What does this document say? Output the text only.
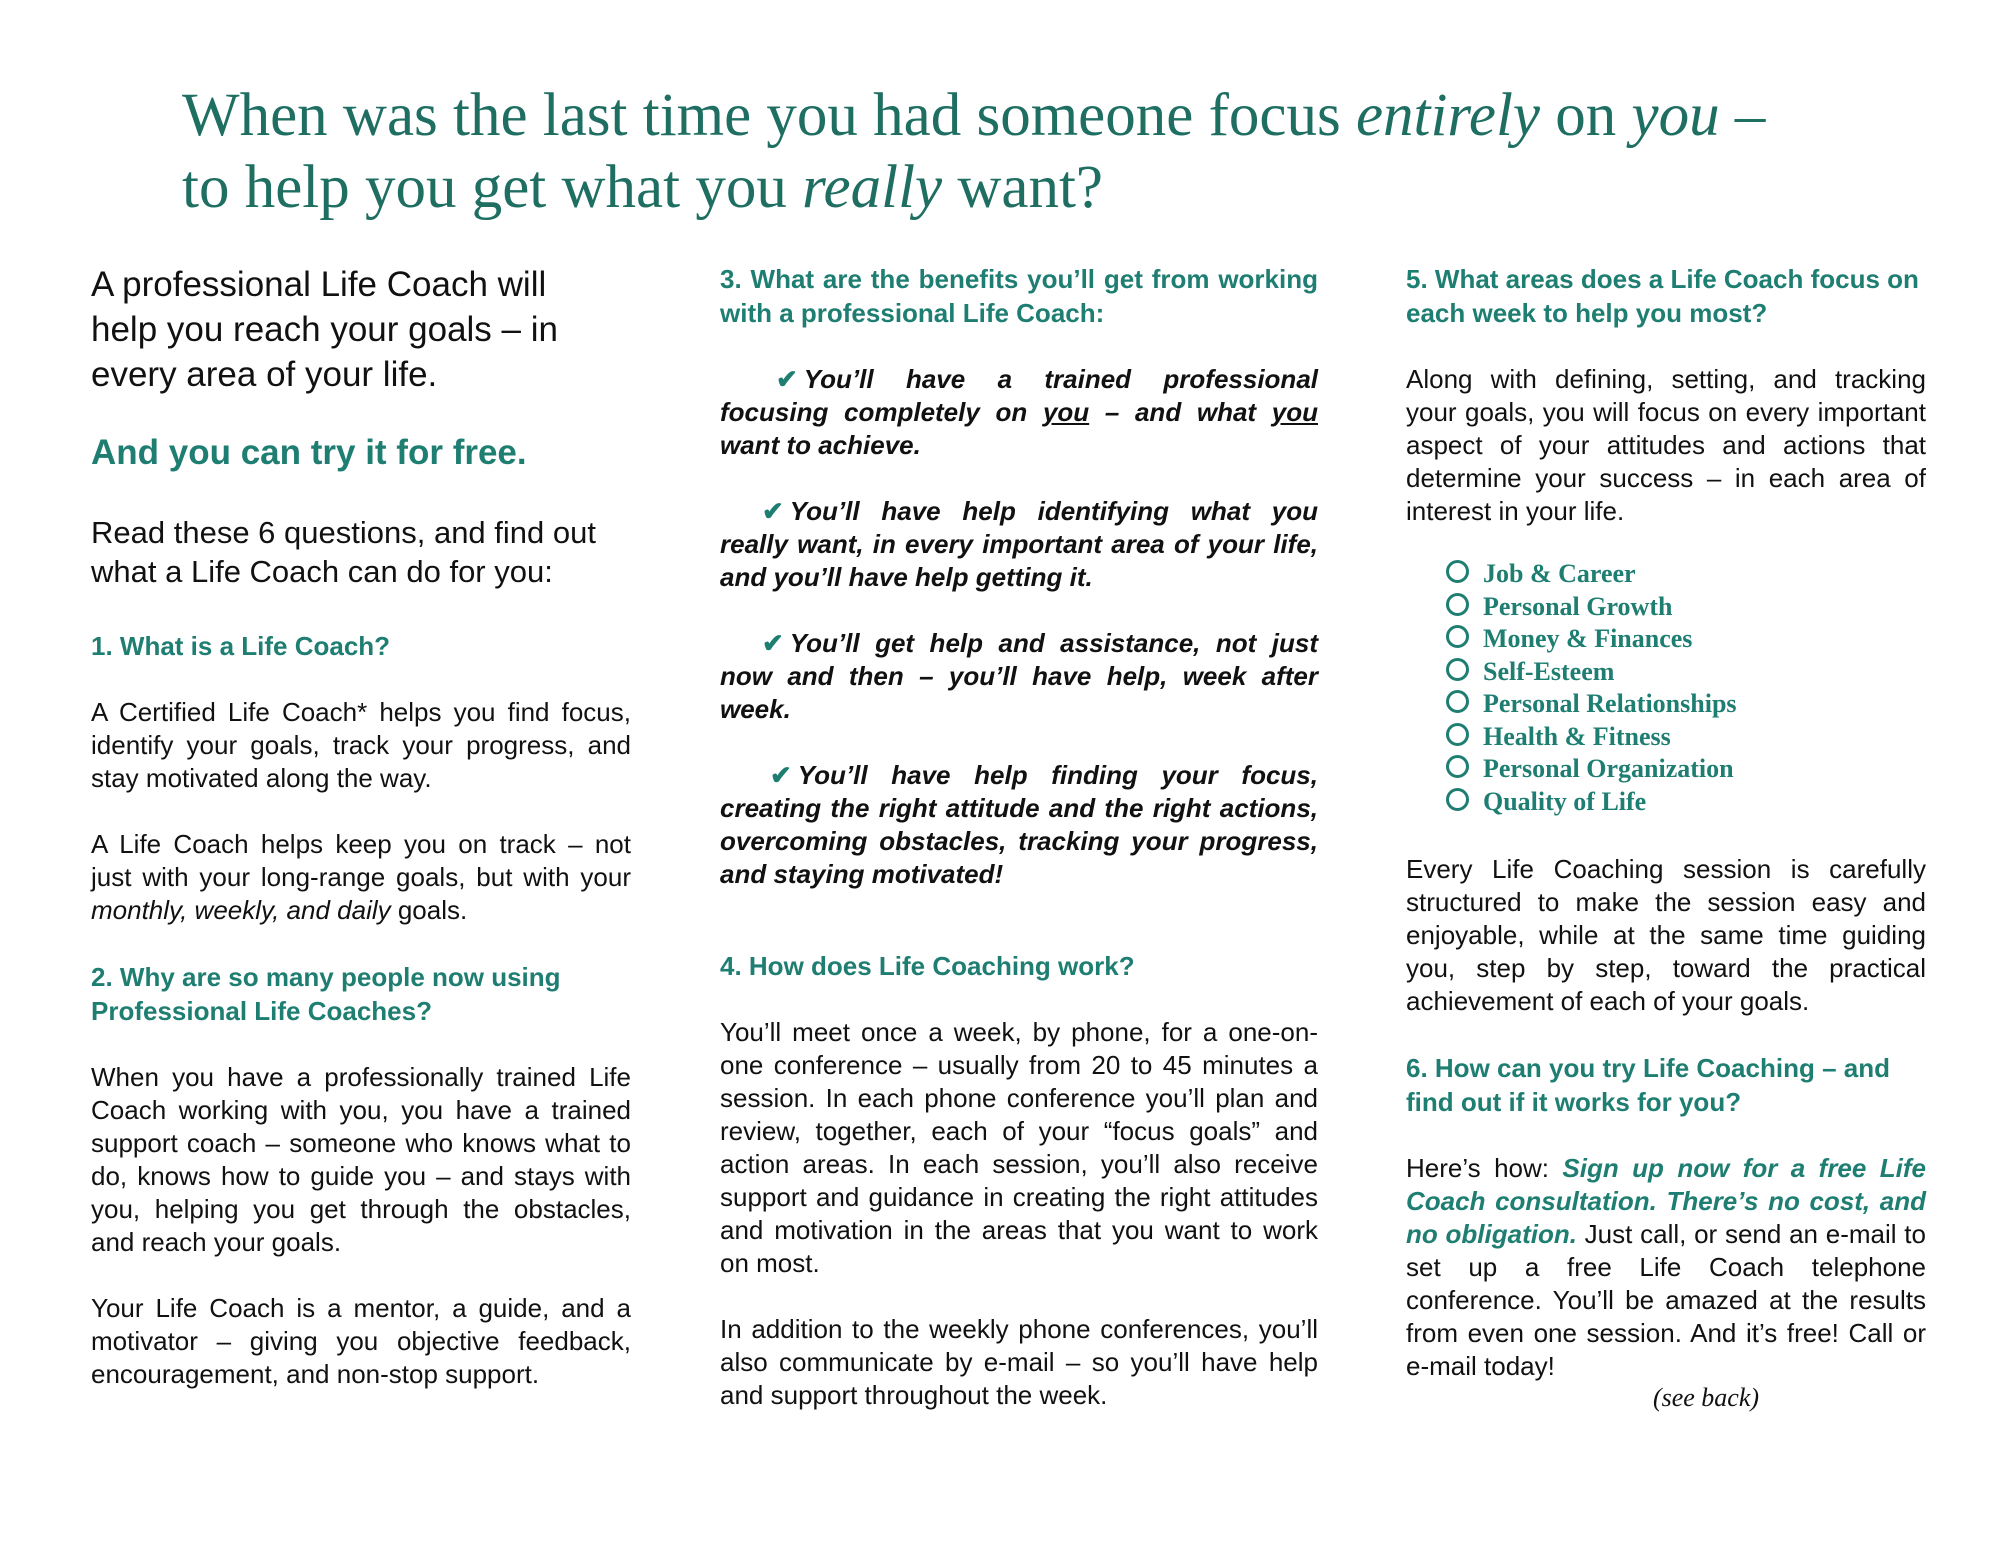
When was the last time you had someone focus entirely on you –
to help you get what you really want?

A professional Life Coach will help you reach your goals – in every area of your life.

And you can try it for free.

Read these 6 questions, and find out what a Life Coach can do for you:

1. What is a Life Coach?

A Certified Life Coach* helps you find focus, identify your goals, track your progress, and stay motivated along the way.

A Life Coach helps keep you on track – not just with your long-range goals, but with your monthly, weekly, and daily goals.

2. Why are so many people now using Professional Life Coaches?

When you have a professionally trained Life Coach working with you, you have a trained support coach – someone who knows what to do, knows how to guide you – and stays with you, helping you get through the obstacles, and reach your goals.

Your Life Coach is a mentor, a guide, and a motivator – giving you objective feedback, encouragement, and non-stop support.

3. What are the benefits you’ll get from working with a professional Life Coach:

✔ You’ll have a trained professional focusing completely on you – and what you want to achieve.

✔ You’ll have help identifying what you really want, in every important area of your life, and you’ll have help getting it.

✔ You’ll get help and assistance, not just now and then – you’ll have help, week after week.

✔ You’ll have help finding your focus, creating the right attitude and the right actions, overcoming obstacles, tracking your progress, and staying motivated!

4. How does Life Coaching work?

You’ll meet once a week, by phone, for a one-on-one conference – usually from 20 to 45 minutes a session. In each phone conference you’ll plan and review, together, each of your “focus goals” and action areas. In each session, you’ll also receive support and guidance in creating the right attitudes and motivation in the areas that you want to work on most.

In addition to the weekly phone conferences, you’ll also communicate by e-mail – so you’ll have help and support throughout the week.

5. What areas does a Life Coach focus on each week to help you most?

Along with defining, setting, and tracking your goals, you will focus on every important aspect of your attitudes and actions that determine your success – in each area of interest in your life.

Job & Career
Personal Growth
Money & Finances
Self-Esteem
Personal Relationships
Health & Fitness
Personal Organization
Quality of Life

Every Life Coaching session is carefully structured to make the session easy and enjoyable, while at the same time guiding you, step by step, toward the practical achievement of each of your goals.

6. How can you try Life Coaching – and find out if it works for you?

Here’s how: Sign up now for a free Life Coach consultation. There’s no cost, and no obligation. Just call, or send an e-mail to set up a free Life Coach telephone conference. You’ll be amazed at the results from even one session. And it’s free! Call or e-mail today!

(see back)
